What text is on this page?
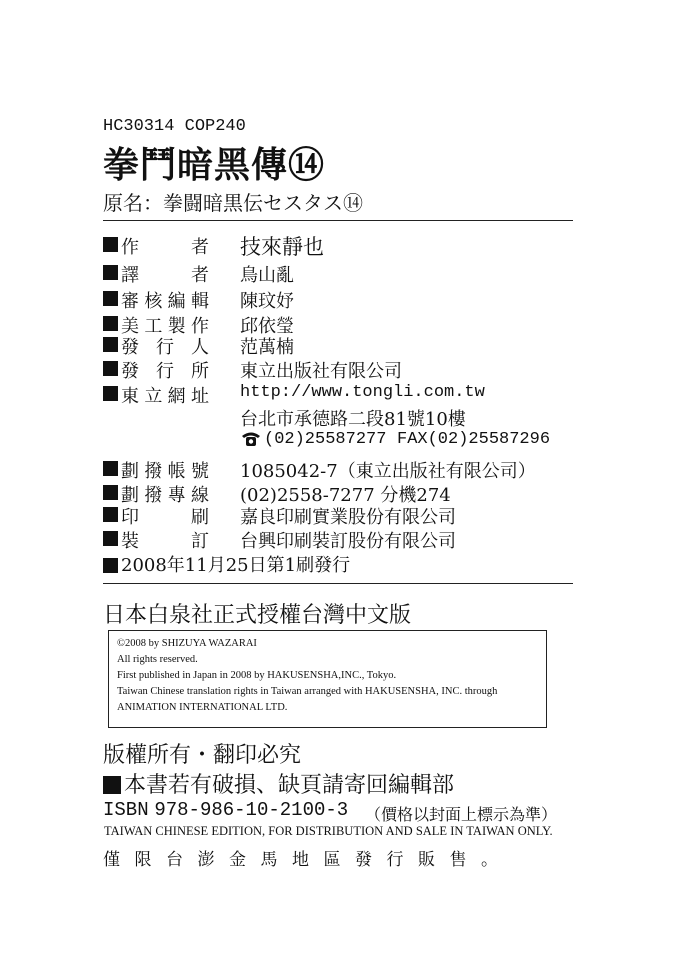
HC30314 COP240
拳鬥暗黑傳⑭
原名：拳闘暗黒伝セスタス⑭
作者 技來靜也
譯者 鳥山亂
審核編輯 陳玟妤
美工製作 邱依瑩
發行人 范萬楠
發行所 東立出版社有限公司
東立網址 http://www.tongli.com.tw
台北市承德路二段81號10樓
(02)25587277 FAX(02)25587296
劃撥帳號 1085042-7（東立出版社有限公司）
劃撥專線 (02)2558-7277 分機274
印刷 嘉良印刷實業股份有限公司
裝訂 台興印刷裝訂股份有限公司
2008年11月25日第1刷發行
日本白泉社正式授權台灣中文版
©2008 by SHIZUYA WAZARAI
All rights reserved.
First published in Japan in 2008 by HAKUSENSHA,INC., Tokyo.
Taiwan Chinese translation rights in Taiwan arranged with HAKUSENSHA, INC. through
ANIMATION INTERNATIONAL LTD.
版權所有・翻印必究
本書若有破損、缺頁請寄回編輯部
ISBN 978-986-10-2100-3 （價格以封面上標示為準）
TAIWAN CHINESE EDITION, FOR DISTRIBUTION AND SALE IN TAIWAN ONLY.
僅限台澎金馬地區發行販售。
